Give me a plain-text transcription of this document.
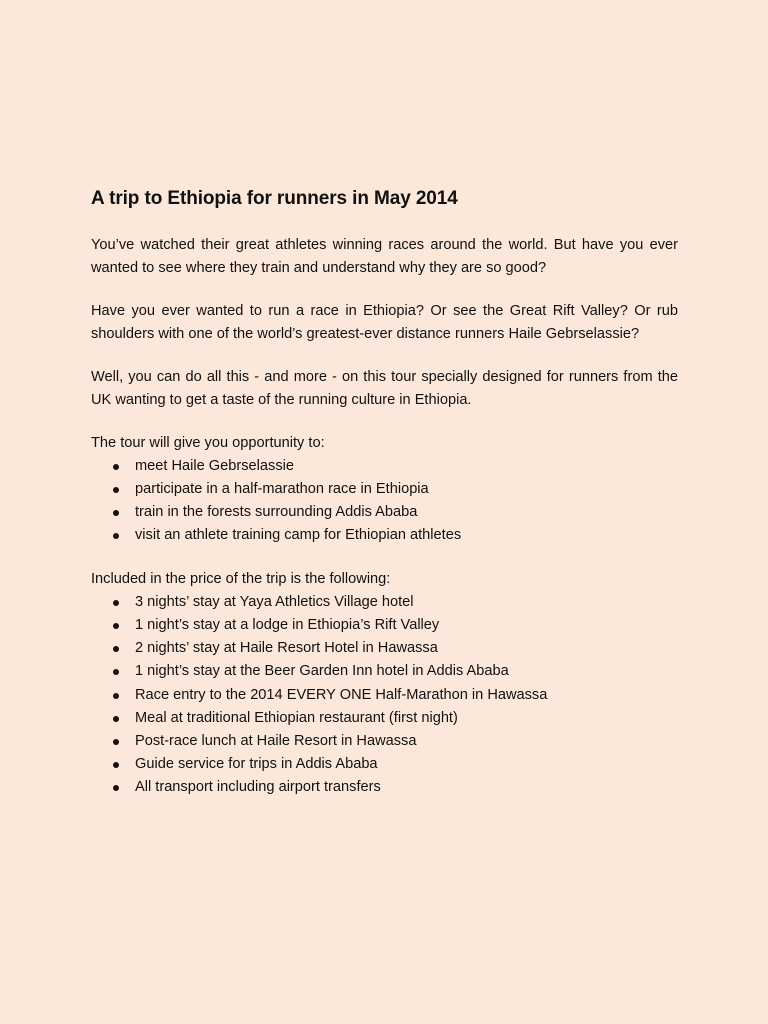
A trip to Ethiopia for runners in May 2014

You’ve watched their great athletes winning races around the world. But have you ever wanted to see where they train and understand why they are so good?

Have you ever wanted to run a race in Ethiopia? Or see the Great Rift Valley? Or rub shoulders with one of the world’s greatest-ever distance runners Haile Gebrselassie?

Well, you can do all this - and more - on this tour specially designed for runners from the UK wanting to get a taste of the running culture in Ethiopia.

The tour will give you opportunity to:

meet Haile Gebrselassie
participate in a half-marathon race in Ethiopia
train in the forests surrounding Addis Ababa
visit an athlete training camp for Ethiopian athletes

Included in the price of the trip is the following:

3 nights’ stay at Yaya Athletics Village hotel
1 night’s stay at a lodge in Ethiopia’s Rift Valley
2 nights’ stay at Haile Resort Hotel in Hawassa
1 night’s stay at the Beer Garden Inn hotel in Addis Ababa
Race entry to the 2014 EVERY ONE Half-Marathon in Hawassa
Meal at traditional Ethiopian restaurant (first night)
Post-race lunch at Haile Resort in Hawassa
Guide service for trips in Addis Ababa
All transport including airport transfers
